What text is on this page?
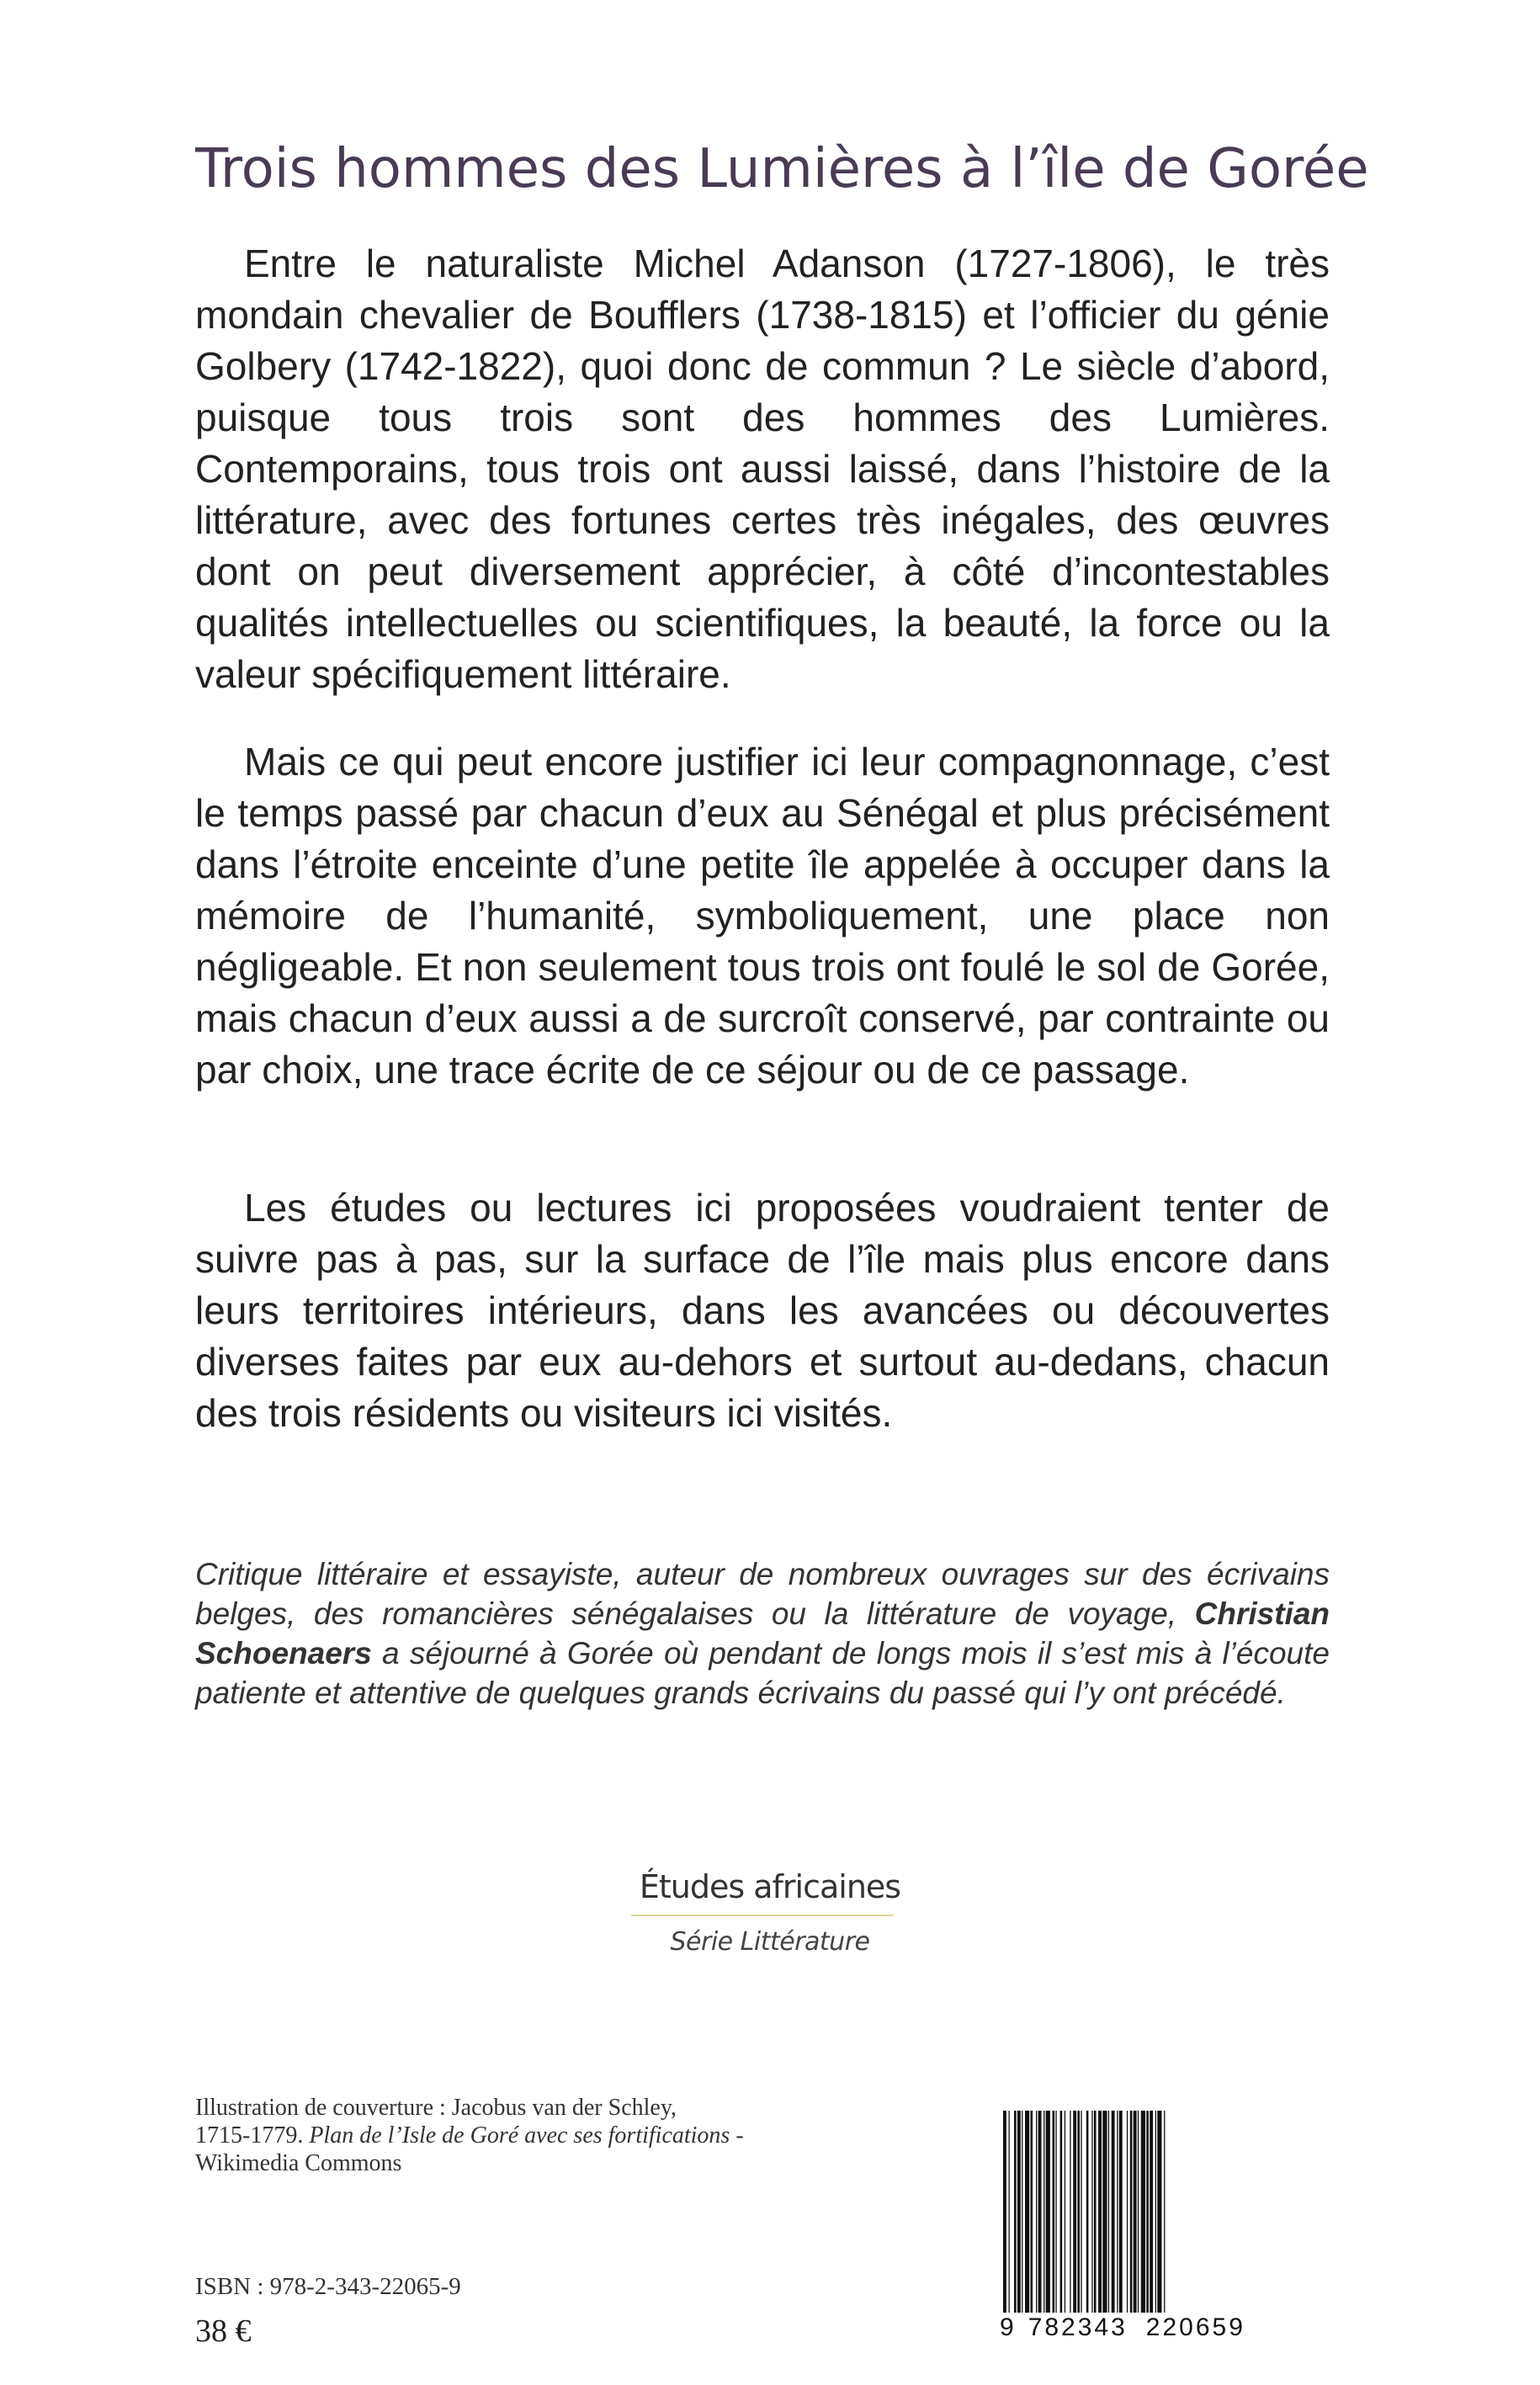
Trois hommes des Lumières à l’île de Gorée

Entre le naturaliste Michel Adanson (1727-1806), le très mondain chevalier de Boufflers (1738-1815) et l’officier du génie Golbery (1742-1822), quoi donc de commun ? Le siècle d’abord, puisque tous trois sont des hommes des Lumières. Contemporains, tous trois ont aussi laissé, dans l’histoire de la littérature, avec des fortunes certes très inégales, des œuvres dont on peut diversement apprécier, à côté d’incontestables qualités intellectuelles ou scientifiques, la beauté, la force ou la valeur spécifiquement littéraire.

Mais ce qui peut encore justifier ici leur compagnonnage, c’est le temps passé par chacun d’eux au Sénégal et plus précisément dans l’étroite enceinte d’une petite île appelée à occuper dans la mémoire de l’humanité, symboliquement, une place non négligeable. Et non seulement tous trois ont foulé le sol de Gorée, mais chacun d’eux aussi a de surcroît conservé, par contrainte ou par choix, une trace écrite de ce séjour ou de ce passage.

Les études ou lectures ici proposées voudraient tenter de suivre pas à pas, sur la surface de l’île mais plus encore dans leurs territoires intérieurs, dans les avancées ou découvertes diverses faites par eux au-dehors et surtout au-dedans, chacun des trois résidents ou visiteurs ici visités.

Critique littéraire et essayiste, auteur de nombreux ouvrages sur des écrivains belges, des romancières sénégalaises ou la littérature de voyage, Christian Schoenaers a séjourné à Gorée où pendant de longs mois il s’est mis à l’écoute patiente et attentive de quelques grands écrivains du passé qui l’y ont précédé.

Études africaines
Série Littérature
Illustration de couverture : Jacobus van der Schley,
1715-1779. Plan de l’Isle de Goré avec ses fortifications -
Wikimedia Commons
ISBN : 978-2-343-22065-9
38 €	9 782343 220659
